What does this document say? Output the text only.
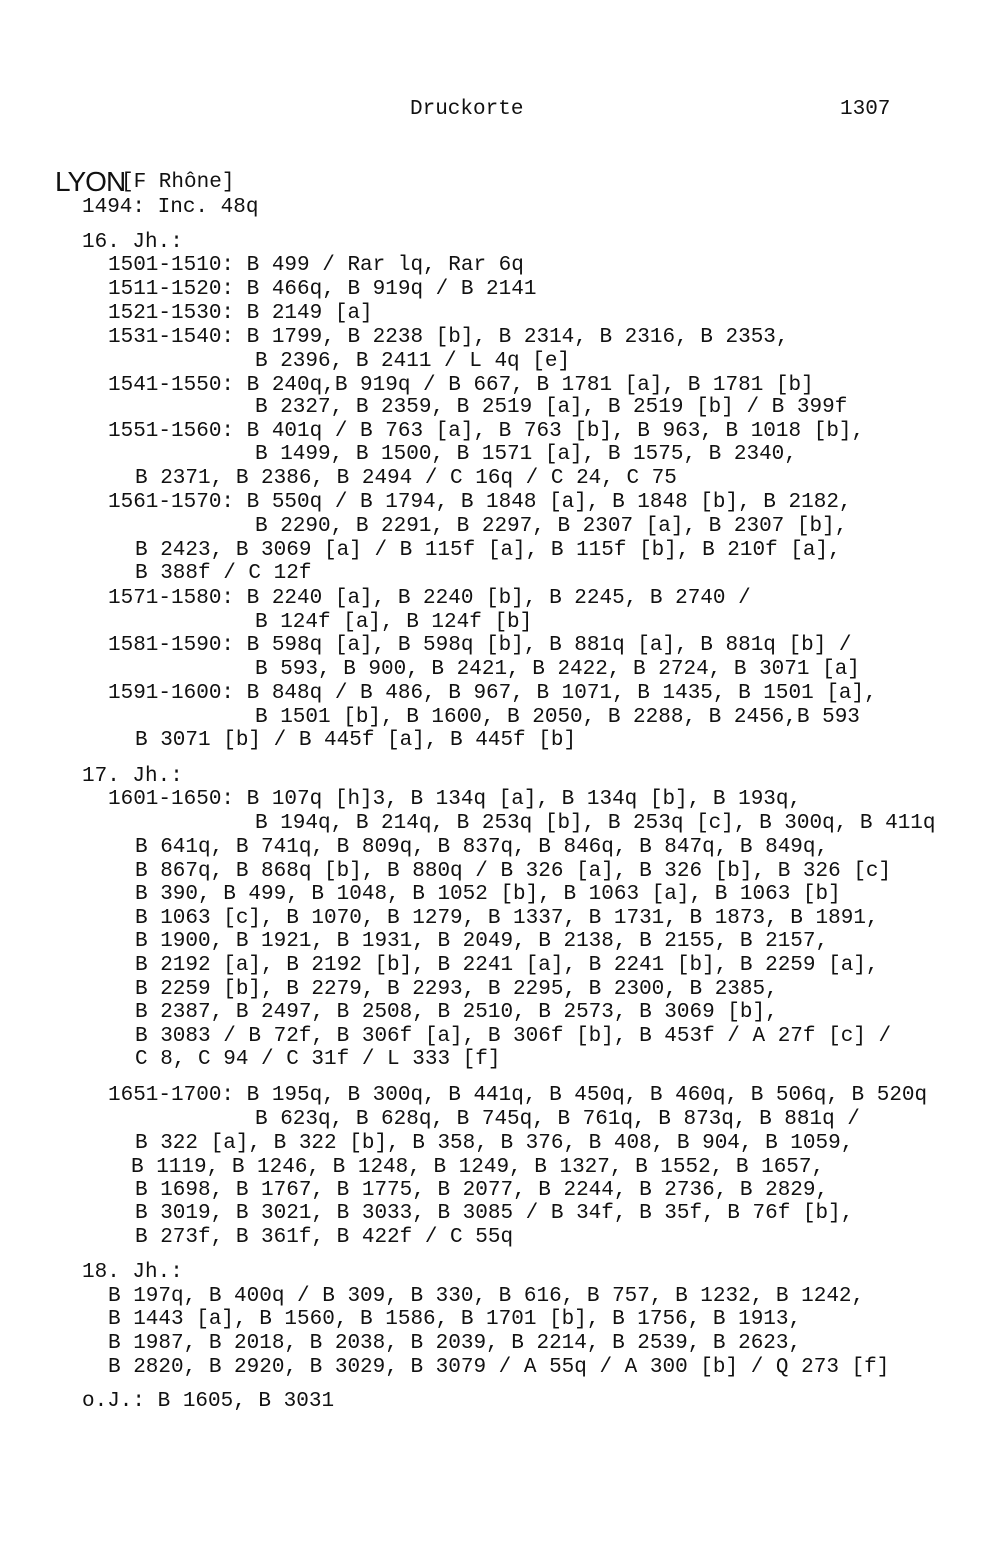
Druckorte	1307
LYON
[F Rhône]
1494: Inc. 48q
16. Jh.:
1501-1510: B 499 / Rar lq, Rar 6q
1511-1520: B 466q, B 919q / B 2141
1521-1530: B 2149 [a]
1531-1540: B 1799, B 2238 [b], B 2314, B 2316, B 2353,
B 2396, B 2411 / L 4q [e]
1541-1550: B 240q,B 919q / B 667, B 1781 [a], B 1781 [b]
B 2327, B 2359, B 2519 [a], B 2519 [b] / B 399f
1551-1560: B 401q / B 763 [a], B 763 [b], B 963, B 1018 [b],
B 1499, B 1500, B 1571 [a], B 1575, B 2340,
B 2371, B 2386, B 2494 / C 16q / C 24, C 75
1561-1570: B 550q / B 1794, B 1848 [a], B 1848 [b], B 2182,
B 2290, B 2291, B 2297, B 2307 [a], B 2307 [b],
B 2423, B 3069 [a] / B 115f [a], B 115f [b], B 210f [a],
B 388f / C 12f
1571-1580: B 2240 [a], B 2240 [b], B 2245, B 2740 /
B 124f [a], B 124f [b]
1581-1590: B 598q [a], B 598q [b], B 881q [a], B 881q [b] /
B 593, B 900, B 2421, B 2422, B 2724, B 3071 [a]
1591-1600: B 848q / B 486, B 967, B 1071, B 1435, B 1501 [a],
B 1501 [b], B 1600, B 2050, B 2288, B 2456,B 593
B 3071 [b] / B 445f [a], B 445f [b]
17. Jh.:
1601-1650: B 107q [h]3, B 134q [a], B 134q [b], B 193q,
B 194q, B 214q, B 253q [b], B 253q [c], B 300q, B 411q
B 641q, B 741q, B 809q, B 837q, B 846q, B 847q, B 849q,
B 867q, B 868q [b], B 880q / B 326 [a], B 326 [b], B 326 [c]
B 390, B 499, B 1048, B 1052 [b], B 1063 [a], B 1063 [b]
B 1063 [c], B 1070, B 1279, B 1337, B 1731, B 1873, B 1891,
B 1900, B 1921, B 1931, B 2049, B 2138, B 2155, B 2157,
B 2192 [a], B 2192 [b], B 2241 [a], B 2241 [b], B 2259 [a],
B 2259 [b], B 2279, B 2293, B 2295, B 2300, B 2385,
B 2387, B 2497, B 2508, B 2510, B 2573, B 3069 [b],
B 3083 / B 72f, B 306f [a], B 306f [b], B 453f / A 27f [c] /
C 8, C 94 / C 31f / L 333 [f]
1651-1700: B 195q, B 300q, B 441q, B 450q, B 460q, B 506q, B 520q
B 623q, B 628q, B 745q, B 761q, B 873q, B 881q /
B 322 [a], B 322 [b], B 358, B 376, B 408, B 904, B 1059,
B 1119, B 1246, B 1248, B 1249, B 1327, B 1552, B 1657,
B 1698, B 1767, B 1775, B 2077, B 2244, B 2736, B 2829,
B 3019, B 3021, B 3033, B 3085 / B 34f, B 35f, B 76f [b],
B 273f, B 361f, B 422f / C 55q
18. Jh.:
B 197q, B 400q / B 309, B 330, B 616, B 757, B 1232, B 1242,
B 1443 [a], B 1560, B 1586, B 1701 [b], B 1756, B 1913,
B 1987, B 2018, B 2038, B 2039, B 2214, B 2539, B 2623,
B 2820, B 2920, B 3029, B 3079 / A 55q / A 300 [b] / Q 273 [f]
o.J.: B 1605, B 3031
